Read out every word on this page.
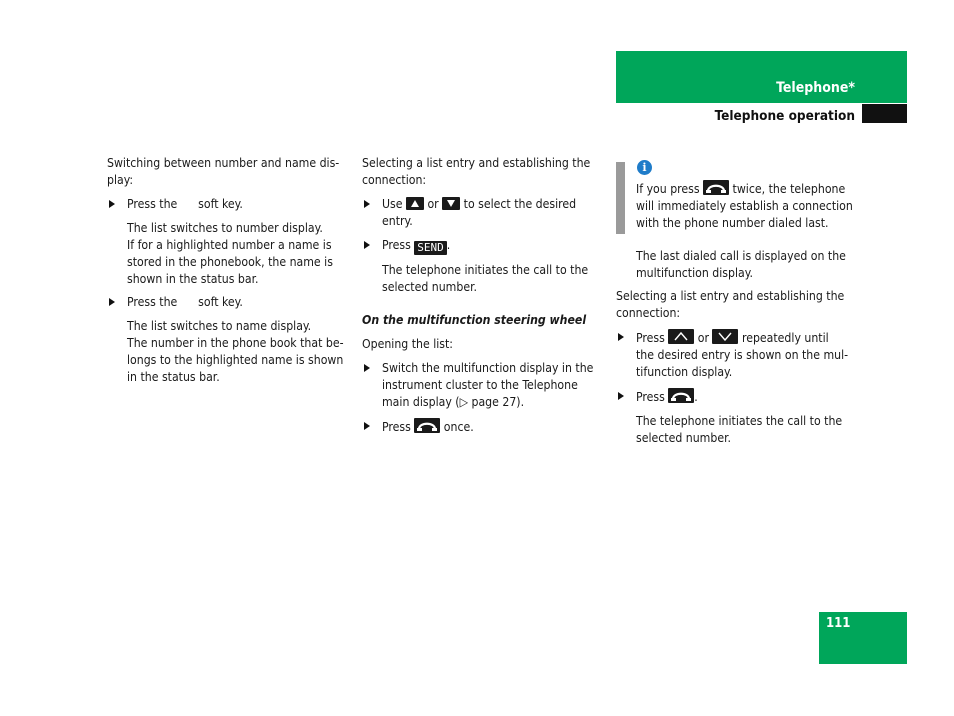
Telephone*
Telephone operation

Switching between number and name dis-

play:

Press the      soft key.

The list switches to number display.

If for a highlighted number a name is

stored in the phonebook, the name is

shown in the status bar.

Press the      soft key.

The list switches to name display.

The number in the phone book that be-

longs to the highlighted name is shown

in the status bar.

Selecting a list entry and establishing the

connection:

Use or to select the desired
entry.
Press SEND .

The telephone initiates the call to the

selected number.

On the multifunction steering wheel

Opening the list:

Switch the multifunction display in the
instrument cluster to the Telephone
main display (▷ page 27).
Press	once.
i
If you press	twice, the telephone
will immediately establish a connection
with the phone number dialed last.

The last dialed call is displayed on the

multifunction display.

Selecting a list entry and establishing the

connection:

Press	or	repeatedly until
the desired entry is shown on the mul-
tifunction display.
Press .

The telephone initiates the call to the

selected number.

111
